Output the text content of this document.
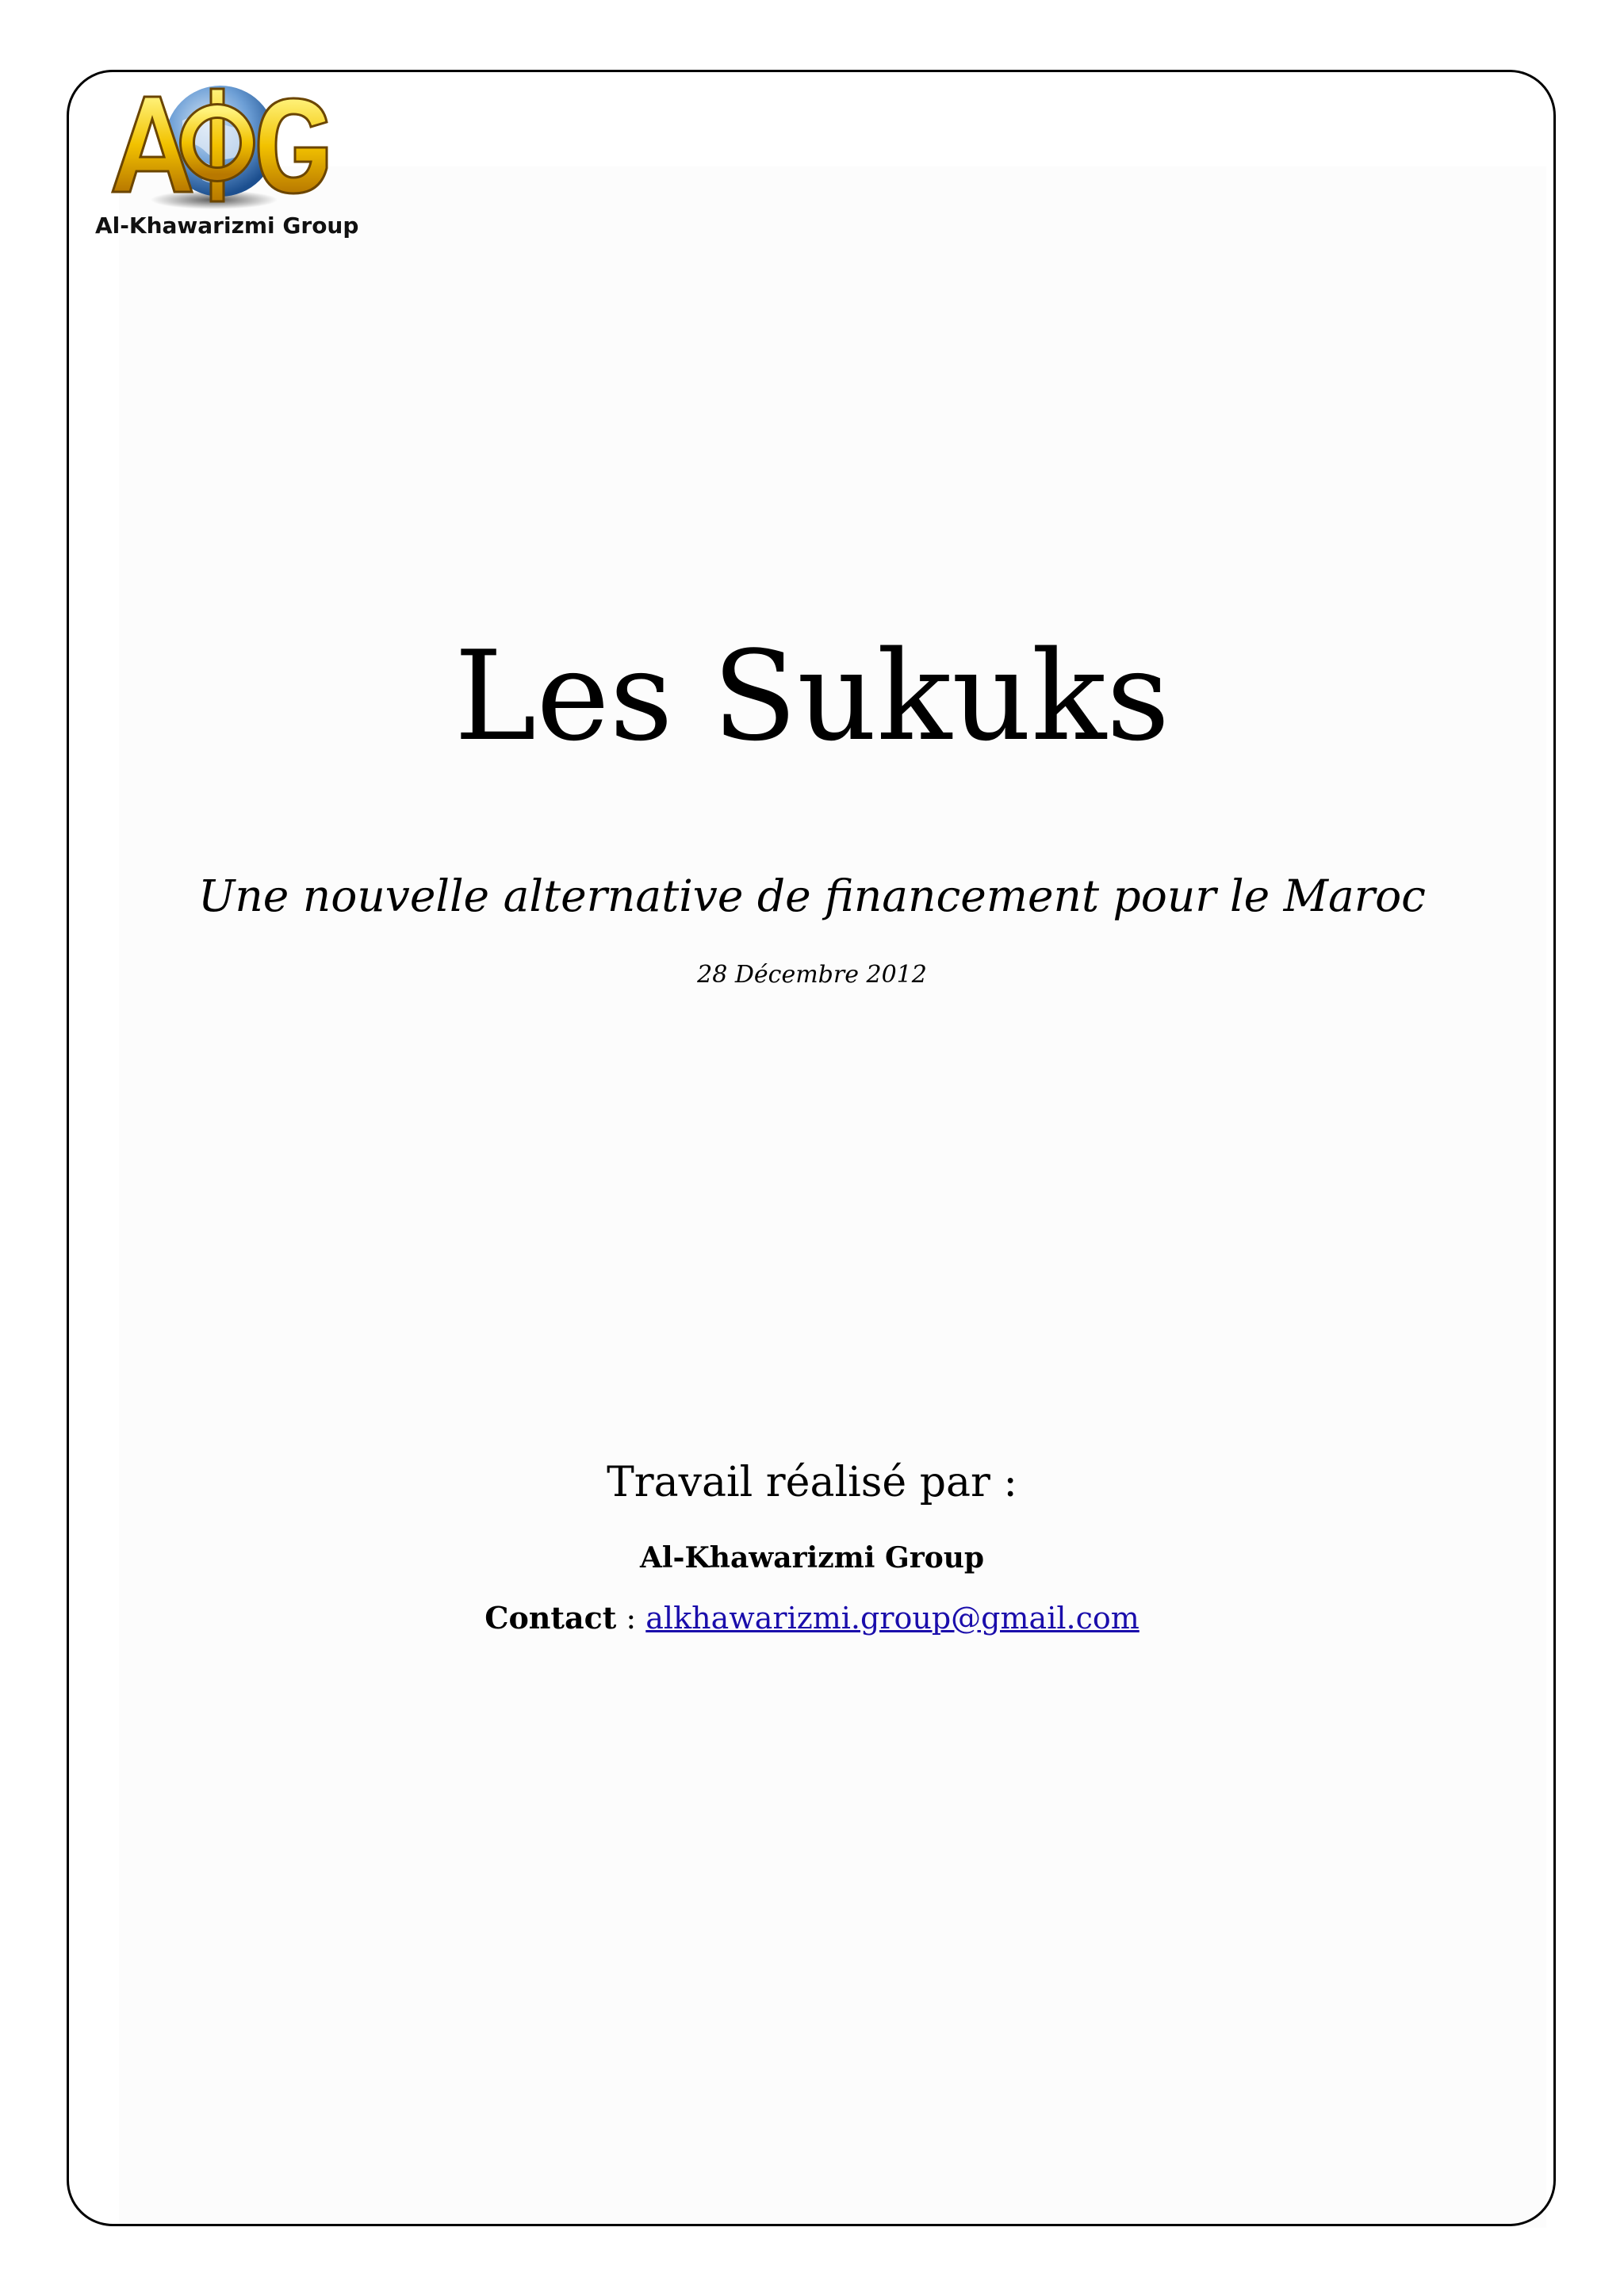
Al-Khawarizmi Group
Les Sukuks
Une nouvelle alternative de financement pour le Maroc
28 Décembre 2012
Travail réalisé par :
Al-Khawarizmi Group
Contact : alkhawarizmi.group@gmail.com
